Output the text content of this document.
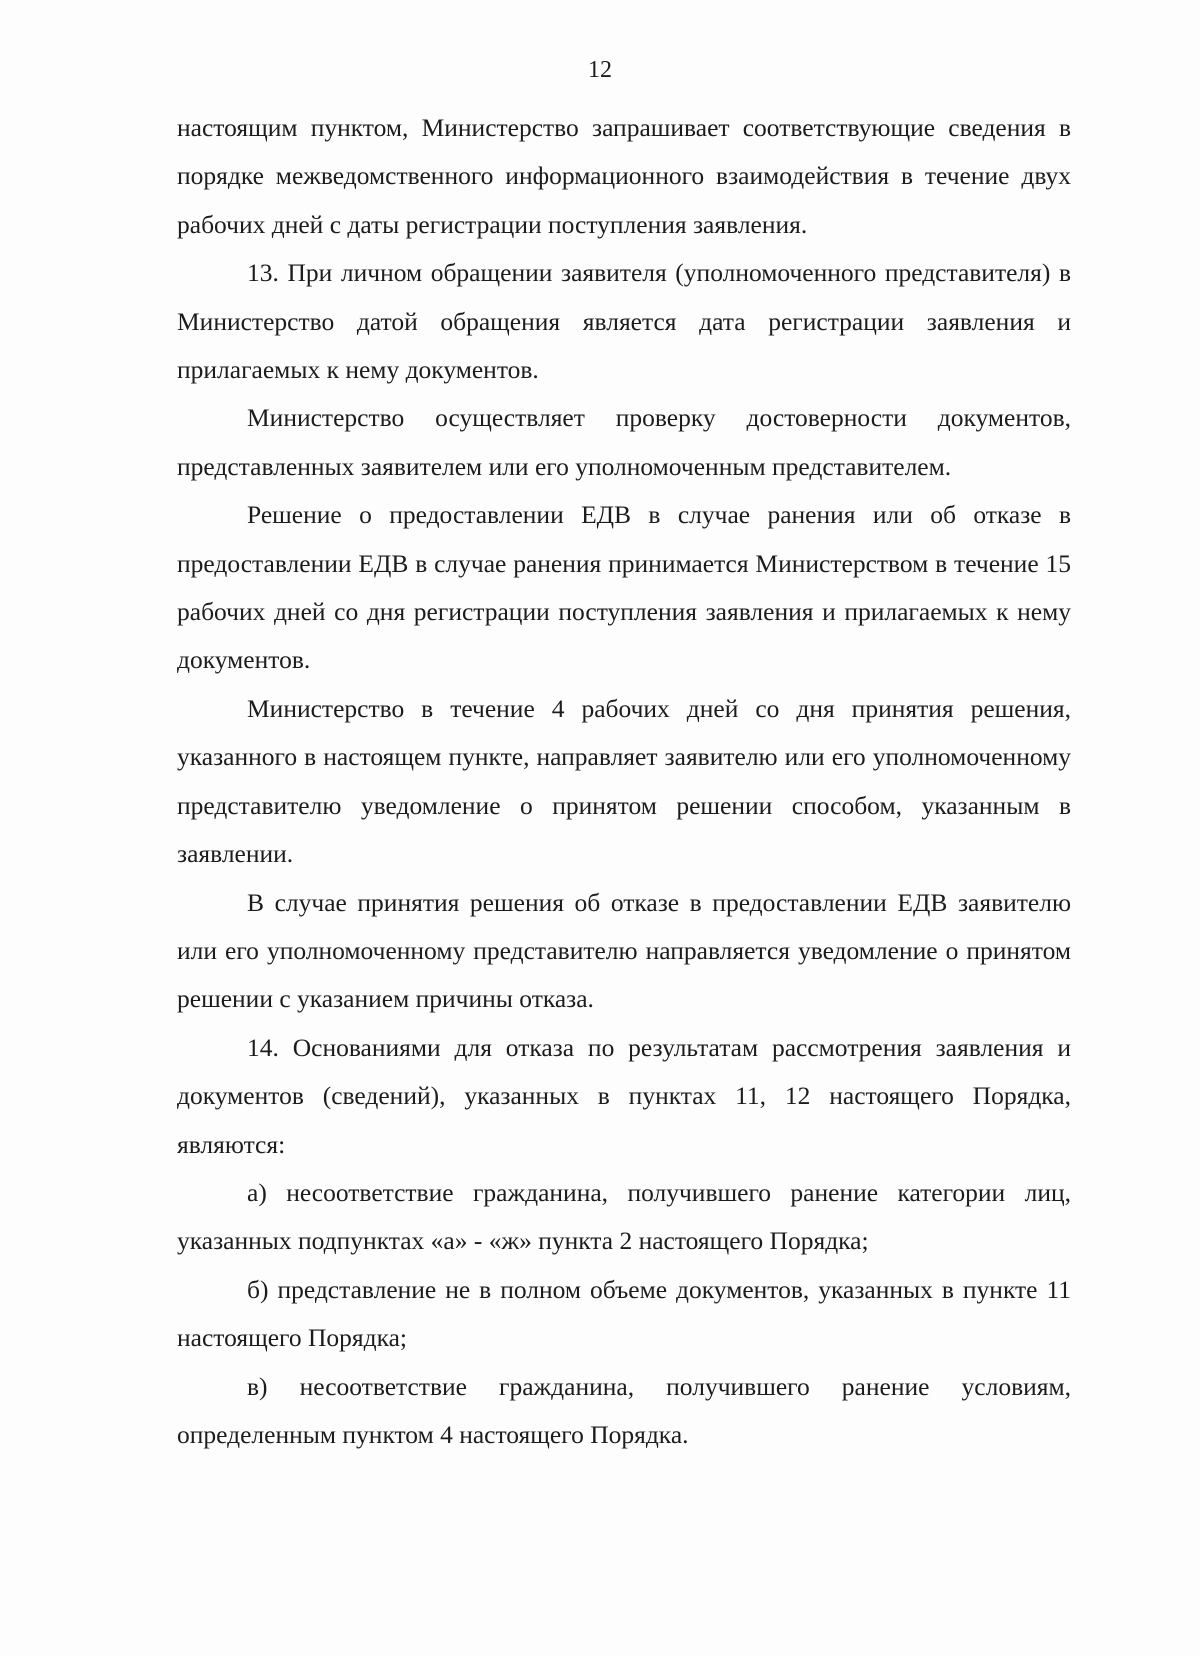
12

настоящим пунктом, Министерство запрашивает соответствующие сведения в порядке межведомственного информационного взаимодействия в течение двух рабочих дней с даты регистрации поступления заявления.

13. При личном обращении заявителя (уполномоченного представителя) в Министерство датой обращения является дата регистрации заявления и прилагаемых к нему документов.

Министерство осуществляет проверку достоверности документов, представленных заявителем или его уполномоченным представителем.

Решение о предоставлении ЕДВ в случае ранения или об отказе в предоставлении ЕДВ в случае ранения принимается Министерством в течение 15 рабочих дней со дня регистрации поступления заявления и прилагаемых к нему документов.

Министерство в течение 4 рабочих дней со дня принятия решения, указанного в настоящем пункте, направляет заявителю или его уполномоченному представителю уведомление о принятом решении способом, указанным в заявлении.

В случае принятия решения об отказе в предоставлении ЕДВ заявителю или его уполномоченному представителю направляется уведомление о принятом решении с указанием причины отказа.

14. Основаниями для отказа по результатам рассмотрения заявления и документов (сведений), указанных в пунктах 11, 12 настоящего Порядка, являются:

а) несоответствие гражданина, получившего ранение категории лиц, указанных подпунктах «а» - «ж» пункта 2 настоящего Порядка;

б) представление не в полном объеме документов, указанных в пункте 11 настоящего Порядка;

в) несоответствие гражданина, получившего ранение условиям, определенным пунктом 4 настоящего Порядка.
